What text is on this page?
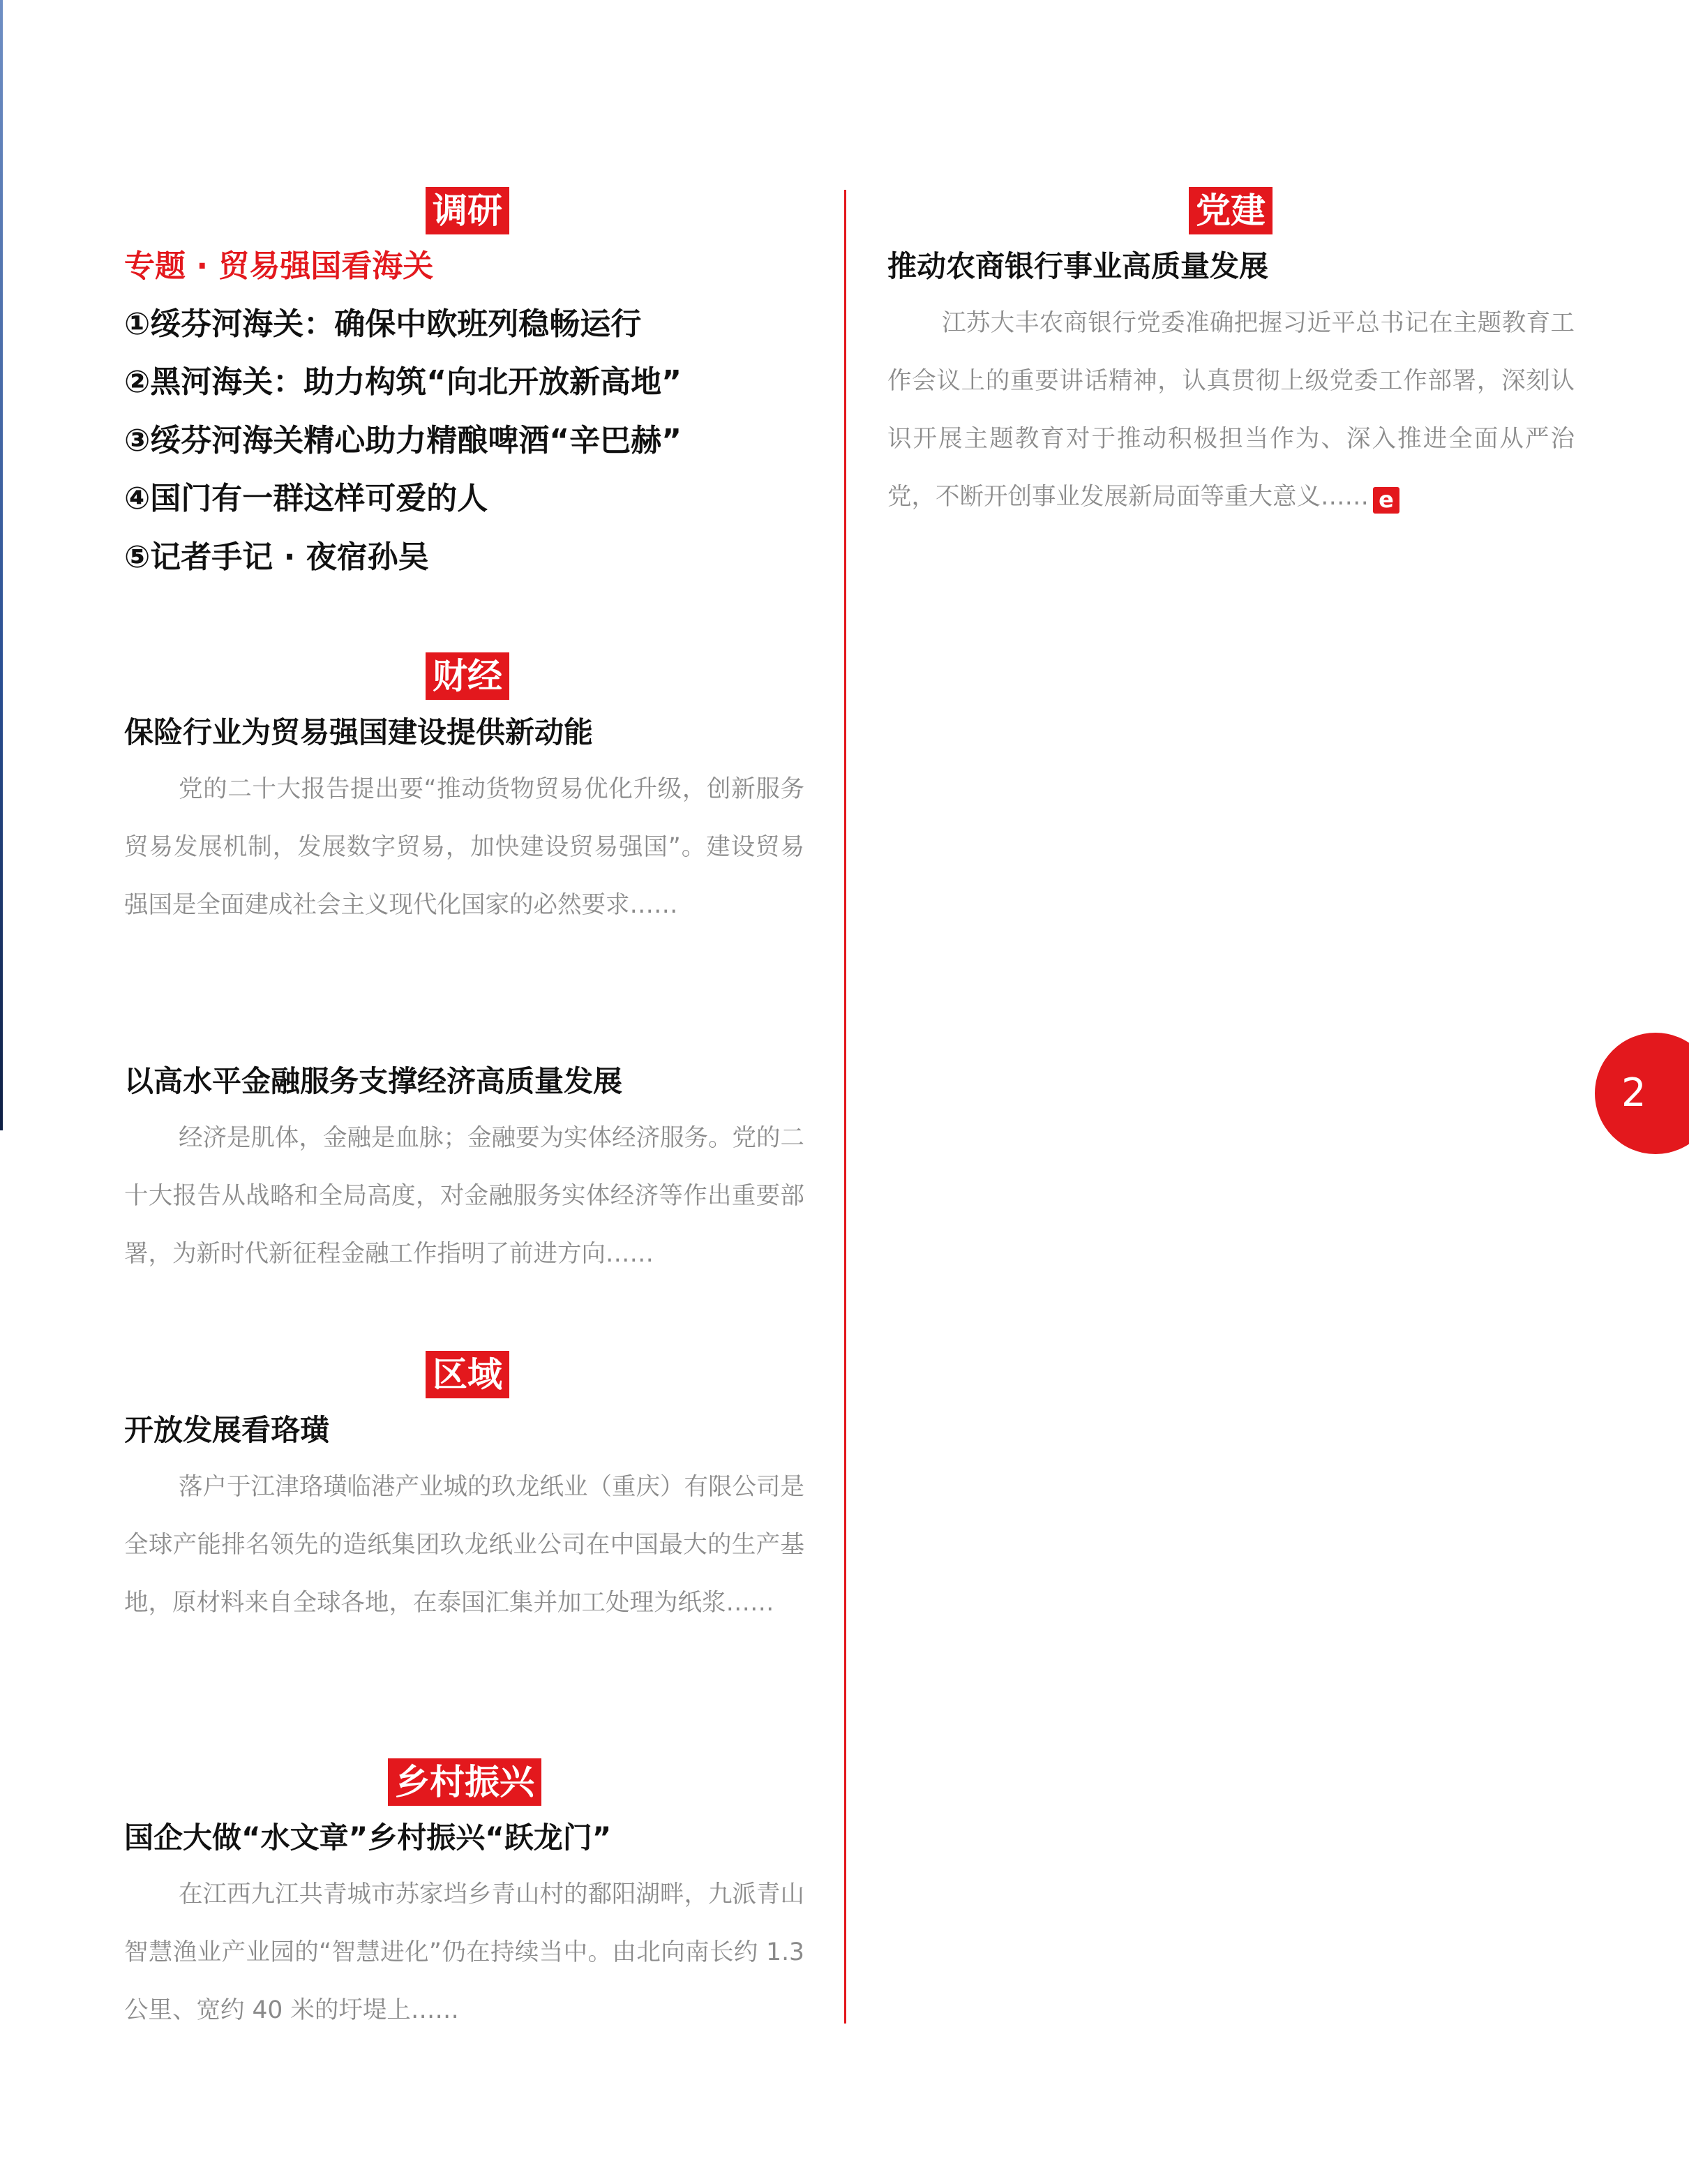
调研
专题 · 贸易强国看海关
①绥芬河海关：确保中欧班列稳畅运行
②黑河海关：助力构筑“向北开放新高地”
③绥芬河海关精心助力精酿啤酒“辛巴赫”
④国门有一群这样可爱的人
⑤记者手记 · 夜宿孙吴
财经
保险行业为贸易强国建设提供新动能

党的二十大报告提出要“推动货物贸易优化升级，创新服务贸易发展机制，发展数字贸易，加快建设贸易强国”。建设贸易强国是全面建成社会主义现代化国家的必然要求……

以高水平金融服务支撑经济高质量发展

经济是肌体，金融是血脉；金融要为实体经济服务。党的二十大报告从战略和全局高度，对金融服务实体经济等作出重要部署，为新时代新征程金融工作指明了前进方向……

区域
开放发展看珞璜

落户于江津珞璜临港产业城的玖龙纸业（重庆）有限公司是全球产能排名领先的造纸集团玖龙纸业公司在中国最大的生产基地，原材料来自全球各地，在泰国汇集并加工处理为纸浆……

乡村振兴
国企大做“水文章”乡村振兴“跃龙门”

在江西九江共青城市苏家垱乡青山村的鄱阳湖畔，九派青山智慧渔业产业园的“智慧进化”仍在持续当中。由北向南长约 1.3 公里、宽约 40 米的圩堤上……

党建
推动农商银行事业高质量发展

江苏大丰农商银行党委准确把握习近平总书记在主题教育工作会议上的重要讲话精神，认真贯彻上级党委工作部署，深刻认识开展主题教育对于推动积极担当作为、深入推进全面从严治党，不断开创事业发展新局面等重大意义…… e

2
